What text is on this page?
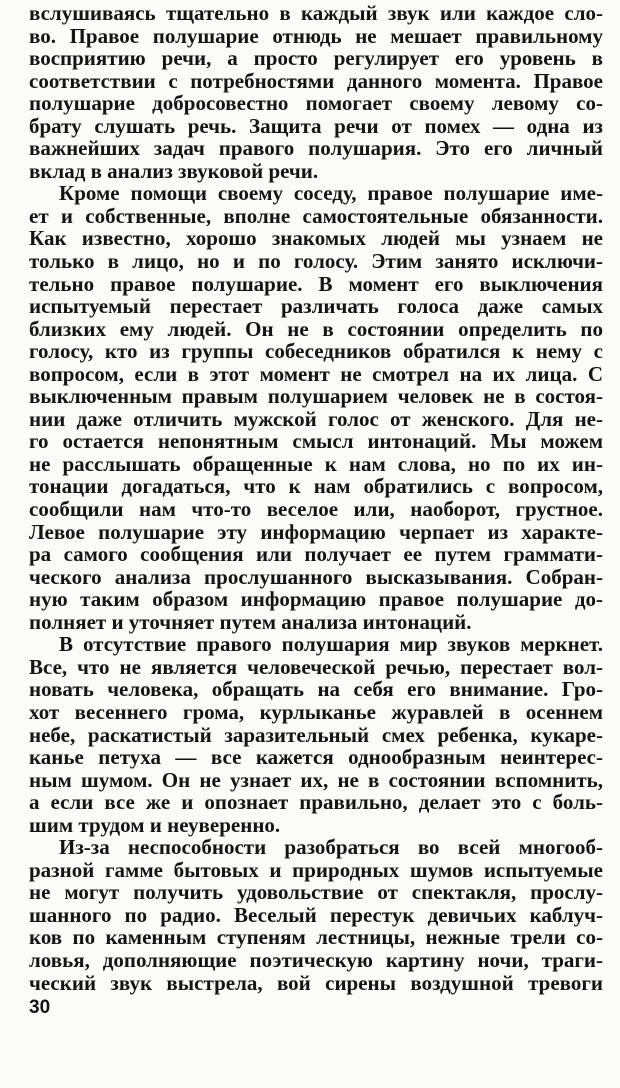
вслушиваясь тщательно в каждый звук или каждое сло-
во. Правое полушарие отнюдь не мешает правильному
восприятию речи, а просто регулирует его уровень в
соответствии с потребностями данного момента. Правое
полушарие добросовестно помогает своему левому со-
брату слушать речь. Защита речи от помех — одна из
важнейших задач правого полушария. Это его личный
вклад в анализ звуковой речи.
Кроме помощи своему соседу, правое полушарие име-
ет и собственные, вполне самостоятельные обязанности.
Как известно, хорошо знакомых людей мы узнаем не
только в лицо, но и по голосу. Этим занято исключи-
тельно правое полушарие. В момент его выключения
испытуемый перестает различать голоса даже самых
близких ему людей. Он не в состоянии определить по
голосу, кто из группы собеседников обратился к нему с
вопросом, если в этот момент не смотрел на их лица. С
выключенным правым полушарием человек не в состоя-
нии даже отличить мужской голос от женского. Для не-
го остается непонятным смысл интонаций. Мы можем
не расслышать обращенные к нам слова, но по их ин-
тонации догадаться, что к нам обратились с вопросом,
сообщили нам что-то веселое или, наоборот, грустное.
Левое полушарие эту информацию черпает из характе-
ра самого сообщения или получает ее путем граммати-
ческого анализа прослушанного высказывания. Собран-
ную таким образом информацию правое полушарие до-
полняет и уточняет путем анализа интонаций.
В отсутствие правого полушария мир звуков меркнет.
Все, что не является человеческой речью, перестает вол-
новать человека, обращать на себя его внимание. Гро-
хот весеннего грома, курлыканье журавлей в осеннем
небе, раскатистый заразительный смех ребенка, кукаре-
канье петуха — все кажется однообразным неинтерес-
ным шумом. Он не узнает их, не в состоянии вспомнить,
а если все же и опознает правильно, делает это с боль-
шим трудом и неуверенно.
Из-за неспособности разобраться во всей многооб-
разной гамме бытовых и природных шумов испытуемые
не могут получить удовольствие от спектакля, прослу-
шанного по радио. Веселый перестук девичьих каблуч-
ков по каменным ступеням лестницы, нежные трели со-
ловья, дополняющие поэтическую картину ночи, траги-
ческий звук выстрела, вой сирены воздушной тревоги
30
